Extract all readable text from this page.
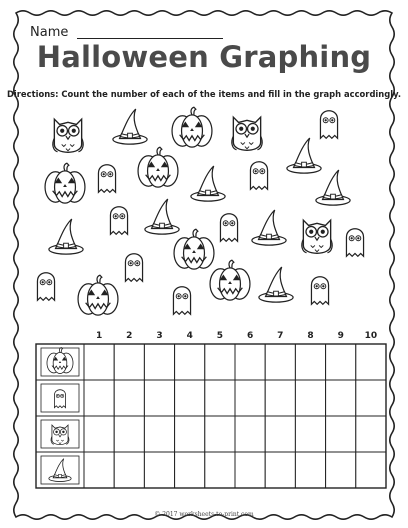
Name
Halloween Graphing
Directions: Count the number of each of the items and fill in the graph accordingly.
1	2	3	4	5	6	7	8	9 10
© 2017 worksheets-to-print.com
